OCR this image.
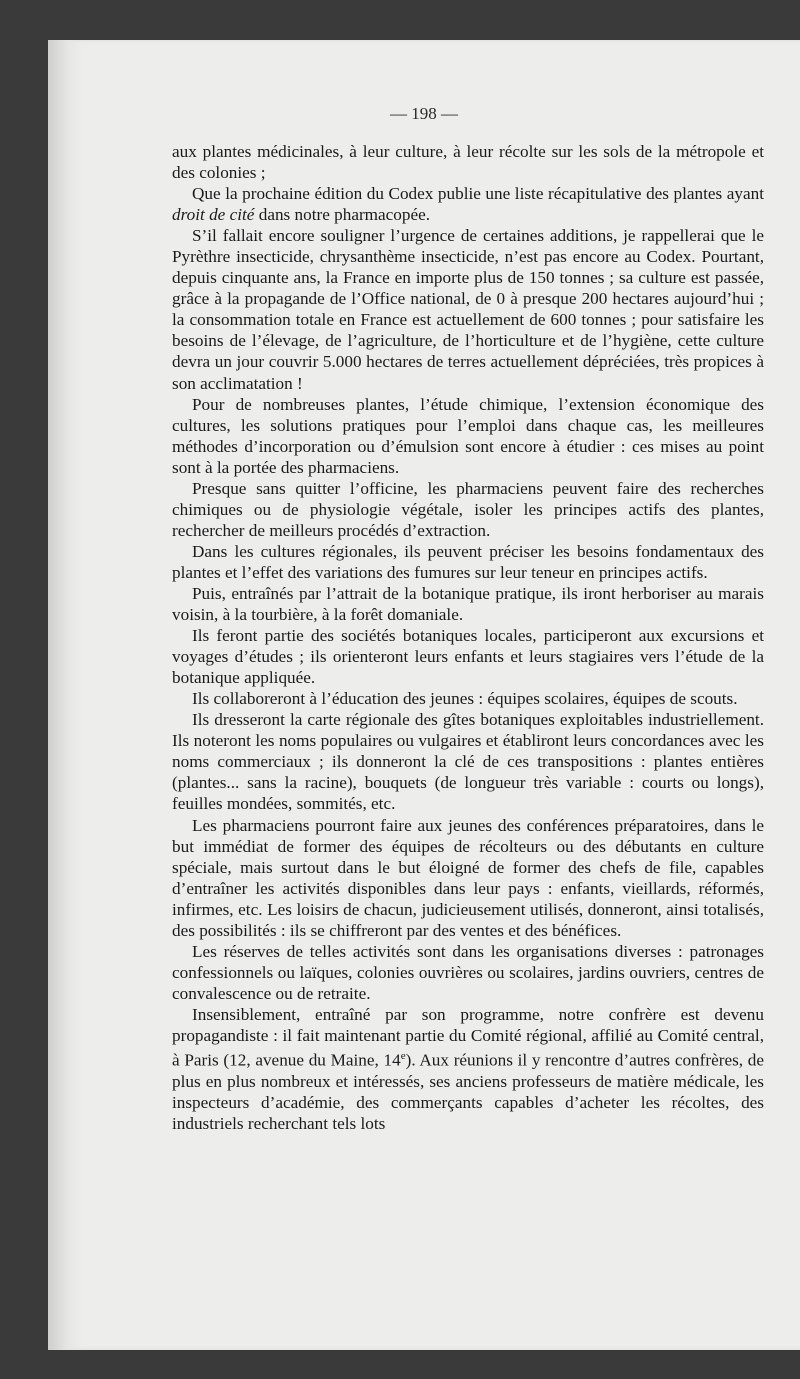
— 198 —

aux plantes médicinales, à leur culture, à leur récolte sur les sols de la métropole et des colonies ;

Que la prochaine édition du Codex publie une liste récapitulative des plantes ayant droit de cité dans notre pharmacopée.

S’il fallait encore souligner l’urgence de certaines additions, je rappellerai que le Pyrèthre insecticide, chrysanthème insecticide, n’est pas encore au Codex. Pourtant, depuis cinquante ans, la France en importe plus de 150 tonnes ; sa culture est passée, grâce à la propagande de l’Office national, de 0 à presque 200 hectares aujourd’hui ; la consommation totale en France est actuellement de 600 tonnes ; pour satisfaire les besoins de l’élevage, de l’agriculture, de l’horticulture et de l’hygiène, cette culture devra un jour couvrir 5.000 hectares de terres actuellement dépréciées, très propices à son acclimatation !

Pour de nombreuses plantes, l’étude chimique, l’extension économique des cultures, les solutions pratiques pour l’emploi dans chaque cas, les meilleures méthodes d’incorporation ou d’émulsion sont encore à étudier : ces mises au point sont à la portée des pharmaciens.

Presque sans quitter l’officine, les pharmaciens peuvent faire des recherches chimiques ou de physiologie végétale, isoler les principes actifs des plantes, rechercher de meilleurs procédés d’extraction.

Dans les cultures régionales, ils peuvent préciser les besoins fondamentaux des plantes et l’effet des variations des fumures sur leur teneur en principes actifs.

Puis, entraînés par l’attrait de la botanique pratique, ils iront herboriser au marais voisin, à la tourbière, à la forêt domaniale.

Ils feront partie des sociétés botaniques locales, participeront aux excursions et voyages d’études ; ils orienteront leurs enfants et leurs stagiaires vers l’étude de la botanique appliquée.

Ils collaboreront à l’éducation des jeunes : équipes scolaires, équipes de scouts.

Ils dresseront la carte régionale des gîtes botaniques exploitables industriellement. Ils noteront les noms populaires ou vulgaires et établiront leurs concordances avec les noms commerciaux ; ils donneront la clé de ces transpositions : plantes entières (plantes... sans la racine), bouquets (de longueur très variable : courts ou longs), feuilles mondées, sommités, etc.

Les pharmaciens pourront faire aux jeunes des conférences préparatoires, dans le but immédiat de former des équipes de récolteurs ou des débutants en culture spéciale, mais surtout dans le but éloigné de former des chefs de file, capables d’entraîner les activités disponibles dans leur pays : enfants, vieillards, réformés, infirmes, etc. Les loisirs de chacun, judicieusement utilisés, donneront, ainsi totalisés, des possibilités : ils se chiffreront par des ventes et des bénéfices.

Les réserves de telles activités sont dans les organisations diverses : patronages confessionnels ou laïques, colonies ouvrières ou scolaires, jardins ouvriers, centres de convalescence ou de retraite.

Insensiblement, entraîné par son programme, notre confrère est devenu propagandiste : il fait maintenant partie du Comité régional, affilié au Comité central, à Paris (12, avenue du Maine, 14e). Aux réunions il y rencontre d’autres confrères, de plus en plus nombreux et intéressés, ses anciens professeurs de matière médicale, les inspecteurs d’académie, des commerçants capables d’acheter les récoltes, des industriels recherchant tels lots
